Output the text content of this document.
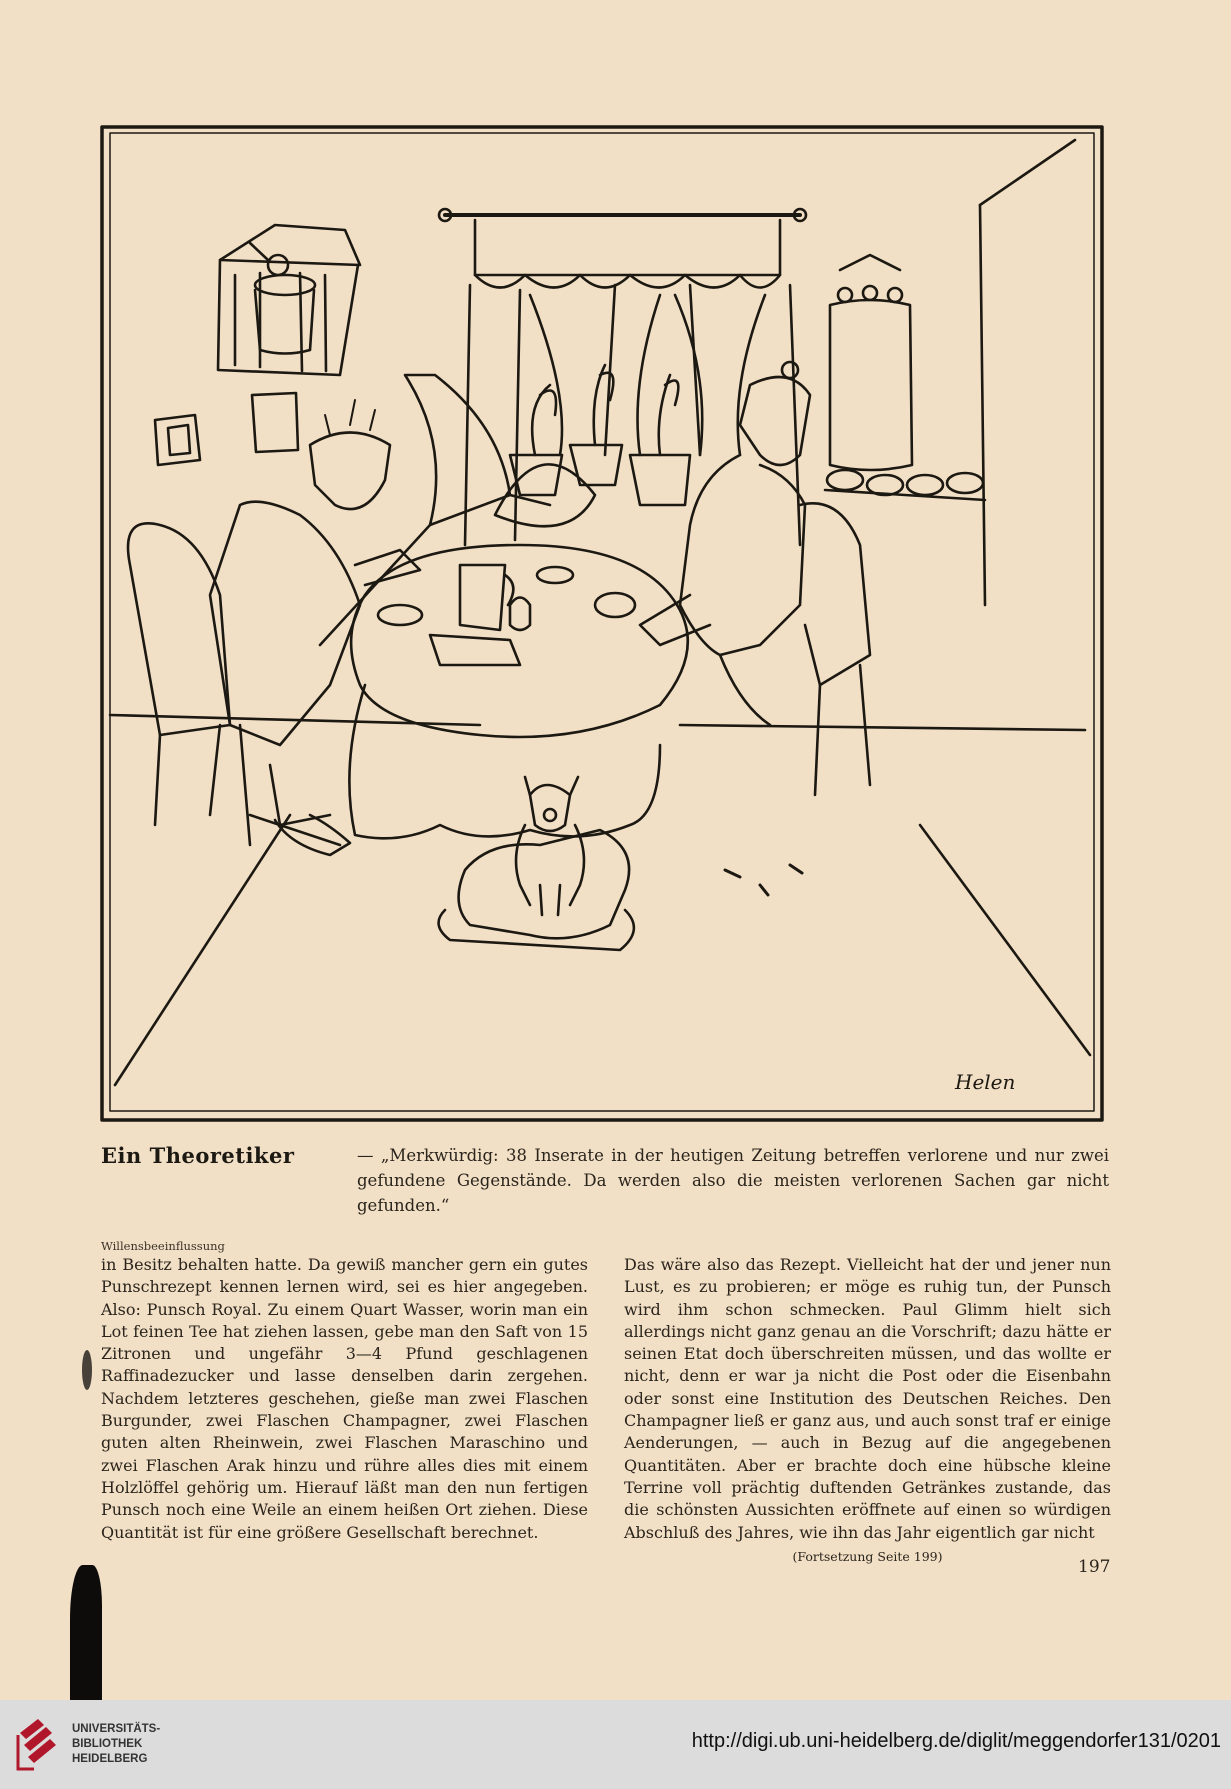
Helen
Ein Theoretiker	— „Merkwürdig: 38 Inserate in der heutigen Zeitung betreffen verlorene und nur zwei gefundene Gegenstände. Da werden also die meisten verlorenen Sachen gar nicht gefunden.“
Willensbeeinflussung
in Besitz behalten hatte. Da gewiß mancher gern ein gutes Punschrezept kennen lernen wird, sei es hier angegeben. Also: Punsch Royal. Zu einem Quart Wasser, worin man ein Lot feinen Tee hat ziehen lassen, gebe man den Saft von 15 Zitronen und ungefähr 3—4 Pfund geschlagenen Raffinadezucker und lasse denselben darin zergehen. Nachdem letzteres geschehen, gieße man zwei Flaschen Burgunder, zwei Flaschen Champagner, zwei Flaschen guten alten Rheinwein, zwei Flaschen Maraschino und zwei Flaschen Arak hinzu und rühre alles dies mit einem Holzlöffel gehörig um. Hierauf läßt man den nun fertigen Punsch noch eine Weile an einem heißen Ort ziehen. Diese Quantität ist für eine größere Gesellschaft berechnet.
Das wäre also das Rezept. Vielleicht hat der und jener nun Lust, es zu probieren; er möge es ruhig tun, der Punsch wird ihm schon schmecken. Paul Glimm hielt sich allerdings nicht ganz genau an die Vorschrift; dazu hätte er seinen Etat doch überschreiten müssen, und das wollte er nicht, denn er war ja nicht die Post oder die Eisenbahn oder sonst eine Institution des Deutschen Reiches. Den Champagner ließ er ganz aus, und auch sonst traf er einige Aenderungen, — auch in Bezug auf die angegebenen Quantitäten. Aber er brachte doch eine hübsche kleine Terrine voll prächtig duftenden Getränkes zustande, das die schönsten Aussichten eröffnete auf einen so würdigen Abschluß des Jahres, wie ihn das Jahr eigentlich gar nicht
(Fortsetzung Seite 199)
197
UNIVERSITÄTS-
BIBLIOTHEK
HEIDELBERG
http://digi.ub.uni-heidelberg.de/diglit/meggendorfer131/0201
